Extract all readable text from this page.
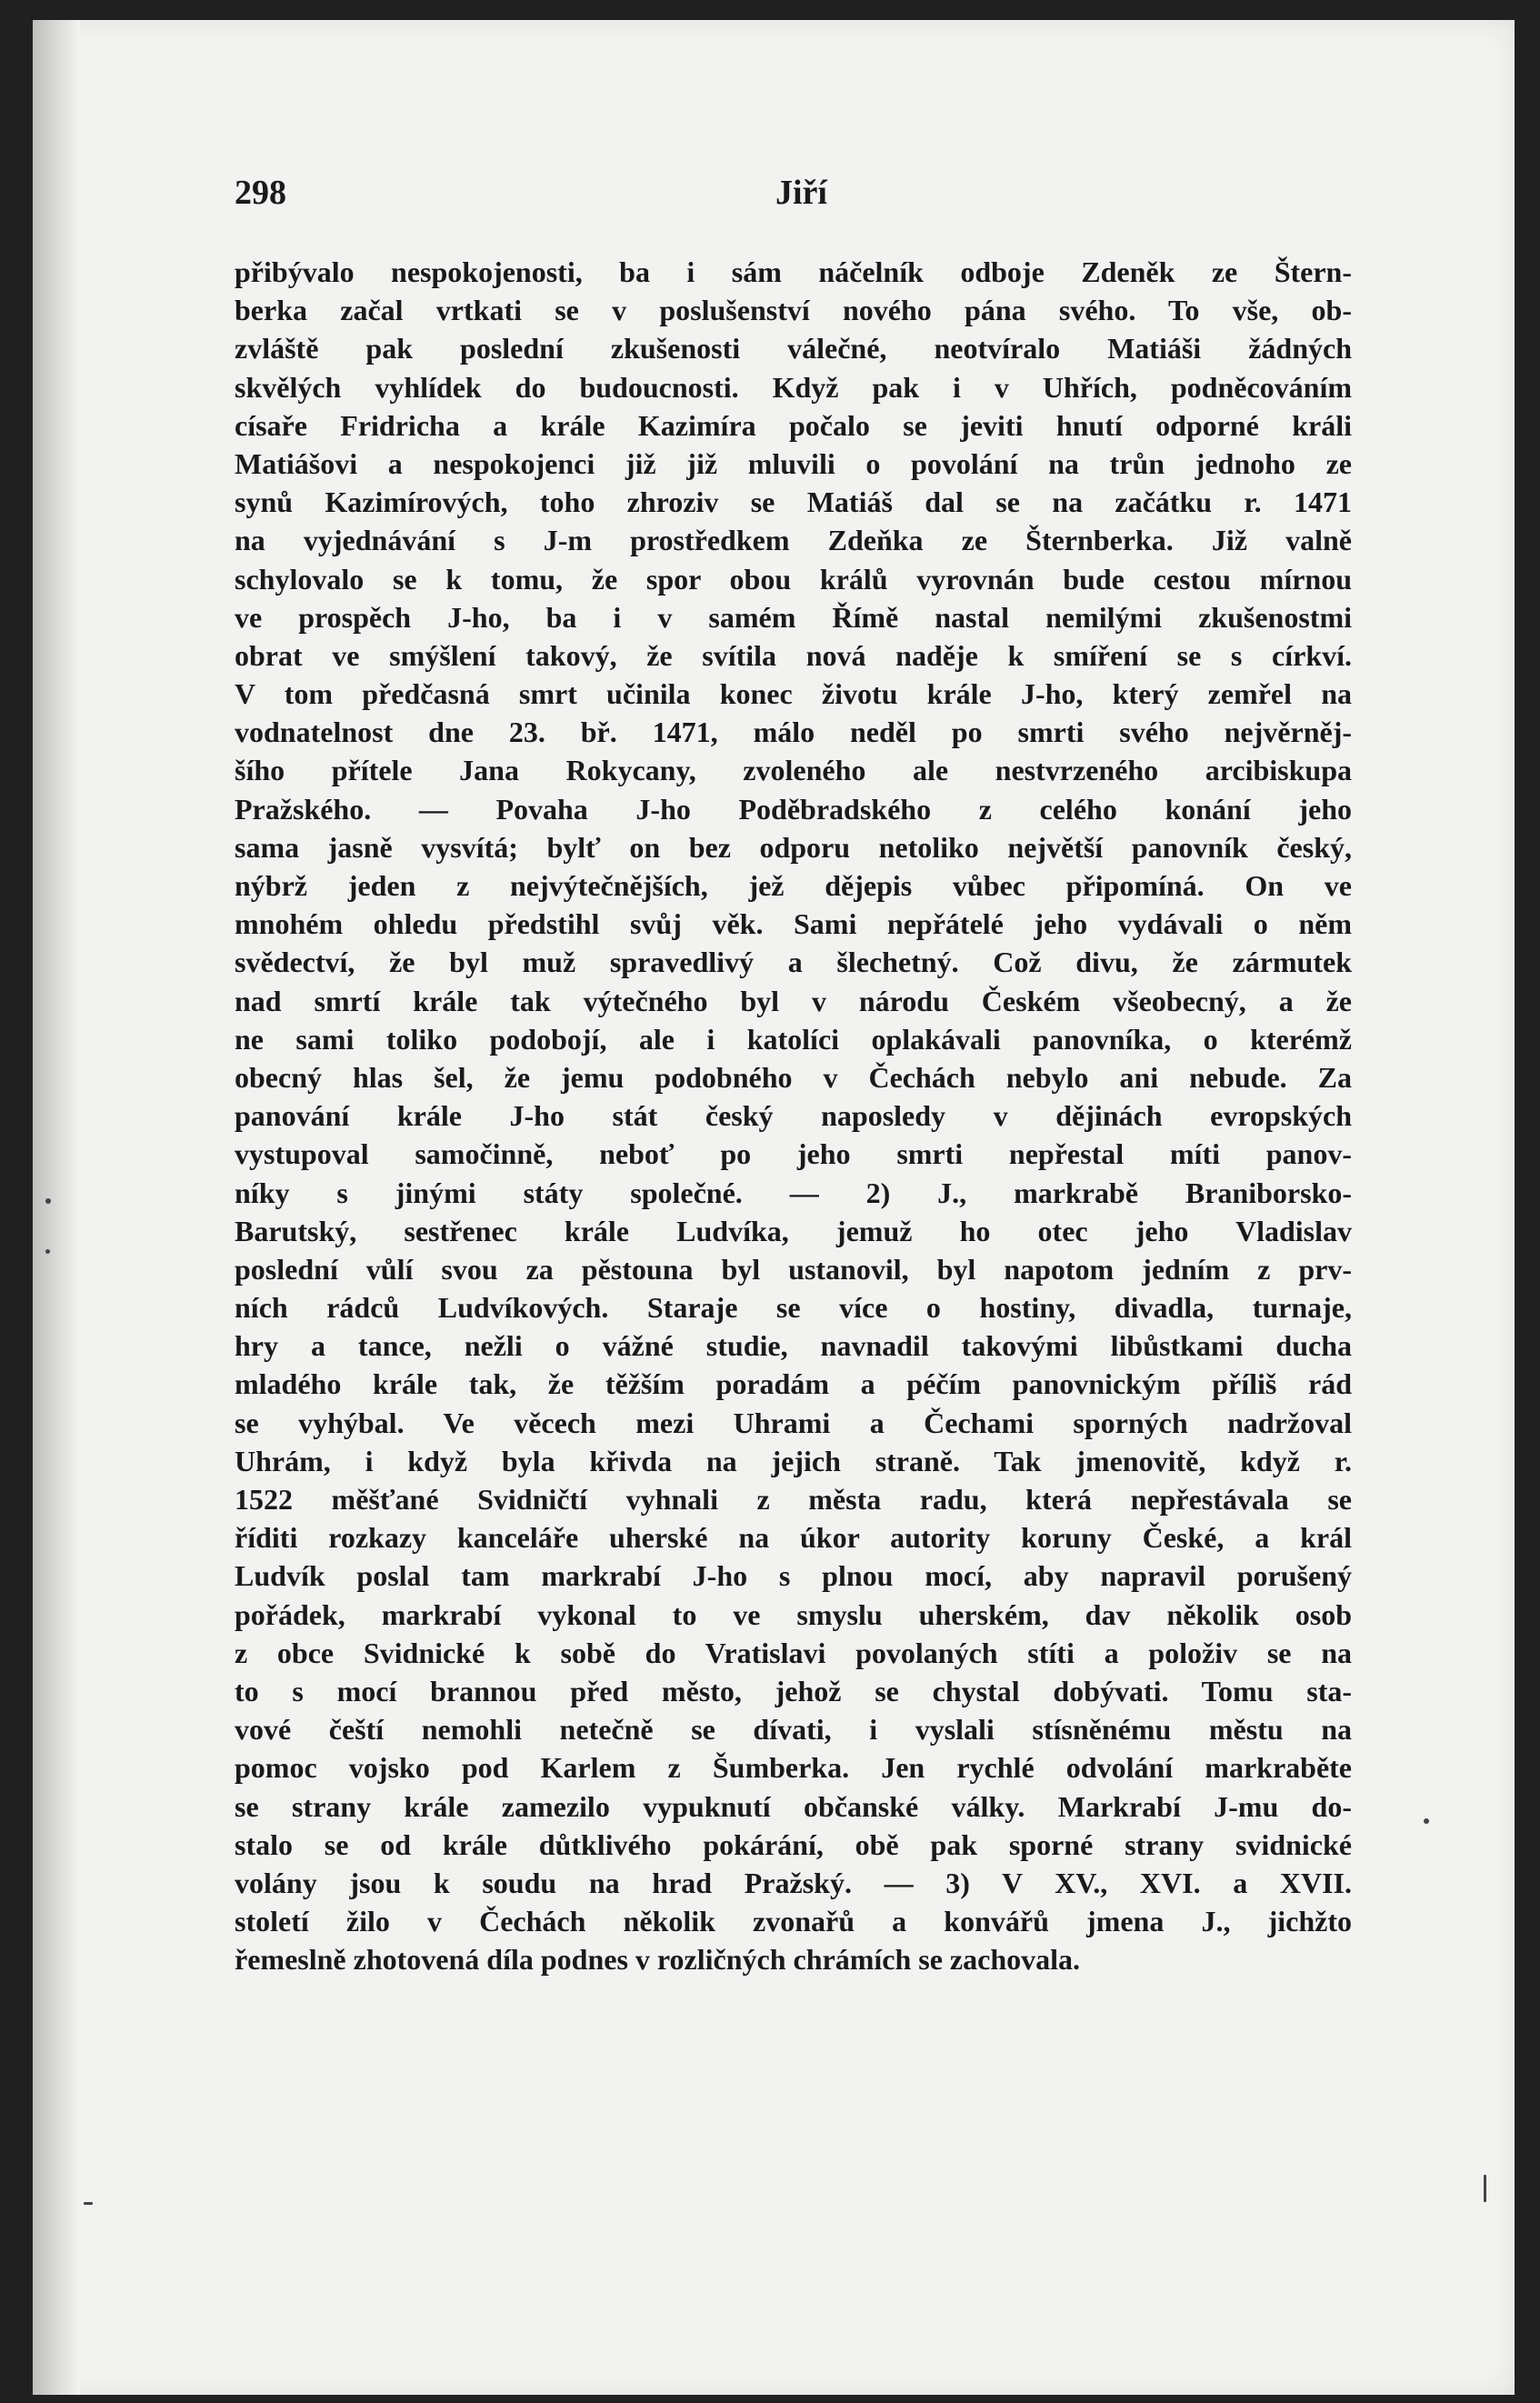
298	Jiří
přibývalo nespokojenosti, ba i sám náčelník odboje Zdeněk ze Štern-
berka začal vrtkati se v poslušenství nového pána svého. To vše, ob-
zvláště pak poslední zkušenosti válečné, neotvíralo Matiáši žádných
skvělých vyhlídek do budoucnosti. Když pak i v Uhřích, podněcováním
císaře Fridricha a krále Kazimíra počalo se jeviti hnutí odporné králi
Matiášovi a nespokojenci již již mluvili o povolání na trůn jednoho ze
synů Kazimírových, toho zhroziv se Matiáš dal se na začátku r. 1471
na vyjednávání s J-m prostředkem Zdeňka ze Šternberka. Již valně
schylovalo se k tomu, že spor obou králů vyrovnán bude cestou mírnou
ve prospěch J-ho, ba i v samém Římě nastal nemilými zkušenostmi
obrat ve smýšlení takový, že svítila nová naděje k smíření se s církví.
V tom předčasná smrt učinila konec životu krále J-ho, který zemřel na
vodnatelnost dne 23. bř. 1471, málo neděl po smrti svého nejvěrněj-
šího přítele Jana Rokycany, zvoleného ale nestvrzeného arcibiskupa
Pražského. — Povaha J-ho Poděbradského z celého konání jeho
sama jasně vysvítá; bylť on bez odporu netoliko největší panovník český,
nýbrž jeden z nejvýtečnějších, jež dějepis vůbec připomíná. On ve
mnohém ohledu předstihl svůj věk. Sami nepřátelé jeho vydávali o něm
svědectví, že byl muž spravedlivý a šlechetný. Což divu, že zármutek
nad smrtí krále tak výtečného byl v národu Českém všeobecný, a že
ne sami toliko podobojí, ale i katolíci oplakávali panovníka, o kterémž
obecný hlas šel, že jemu podobného v Čechách nebylo ani nebude. Za
panování krále J-ho stát český naposledy v dějinách evropských
vystupoval samočinně, neboť po jeho smrti nepřestal míti panov-
níky s jinými státy společné. — 2) J., markrabě Braniborsko-
Barutský, sestřenec krále Ludvíka, jemuž ho otec jeho Vladislav
poslední vůlí svou za pěstouna byl ustanovil, byl napotom jedním z prv-
ních rádců Ludvíkových. Staraje se více o hostiny, divadla, turnaje,
hry a tance, nežli o vážné studie, navnadil takovými libůstkami ducha
mladého krále tak, že těžším poradám a péčím panovnickým příliš rád
se vyhýbal. Ve věcech mezi Uhrami a Čechami sporných nadržoval
Uhrám, i když byla křivda na jejich straně. Tak jmenovitě, když r.
1522 měšťané Svidničtí vyhnali z města radu, která nepřestávala se
říditi rozkazy kanceláře uherské na úkor autority koruny České, a král
Ludvík poslal tam markrabí J-ho s plnou mocí, aby napravil porušený
pořádek, markrabí vykonal to ve smyslu uherském, dav několik osob
z obce Svidnické k sobě do Vratislavi povolaných stíti a položiv se na
to s mocí brannou před město, jehož se chystal dobývati. Tomu sta-
vové čeští nemohli netečně se dívati, i vyslali stísněnému městu na
pomoc vojsko pod Karlem z Šumberka. Jen rychlé odvolání markraběte
se strany krále zamezilo vypuknutí občanské války. Markrabí J-mu do-
stalo se od krále důtklivého pokárání, obě pak sporné strany svidnické
volány jsou k soudu na hrad Pražský. — 3) V XV., XVI. a XVII.
století žilo v Čechách několik zvonařů a konvářů jmena J., jichžto
řemeslně zhotovená díla podnes v rozličných chrámích se zachovala.
